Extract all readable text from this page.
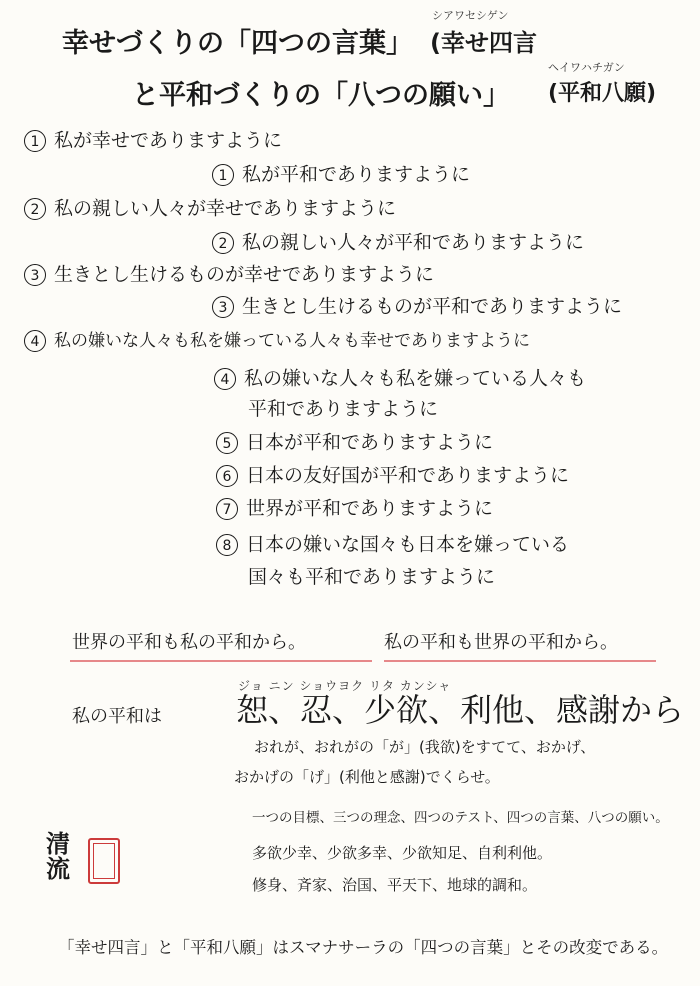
シアワセシゲン
幸せづくりの「四つの言葉」 (幸せ四言
ヘイワハチガン
と平和づくりの「八つの願い」 (平和八願)
1 私が幸せでありますように
1 私が平和でありますように
2 私の親しい人々が幸せでありますように
2 私の親しい人々が平和でありますように
3 生きとし生けるものが幸せでありますように
3 生きとし生けるものが平和でありますように
4 私の嫌いな人々も私を嫌っている人々も幸せでありますように
4 私の嫌いな人々も私を嫌っている人々も
平和でありますように
5 日本が平和でありますように
6 日本の友好国が平和でありますように
7 世界が平和でありますように
8 日本の嫌いな国々も日本を嫌っている
国々も平和でありますように
世界の平和も私の平和から。	私の平和も世界の平和から。
ジョ ニン ショウヨク リタ カンシャ
私の平和は 恕、忍、少欲、利他、感謝から
おれが、おれがの「が」(我欲)をすてて、おかげ、
おかげの「げ」(利他と感謝)でくらせ。
一つの目標、三つの理念、四つのテスト、四つの言葉、八つの願い。
多欲少幸、少欲多幸、少欲知足、自利利他。
修身、斉家、治国、平天下、地球的調和。
清
流
「幸せ四言」と「平和八願」はスマナサーラの「四つの言葉」とその改変である。
